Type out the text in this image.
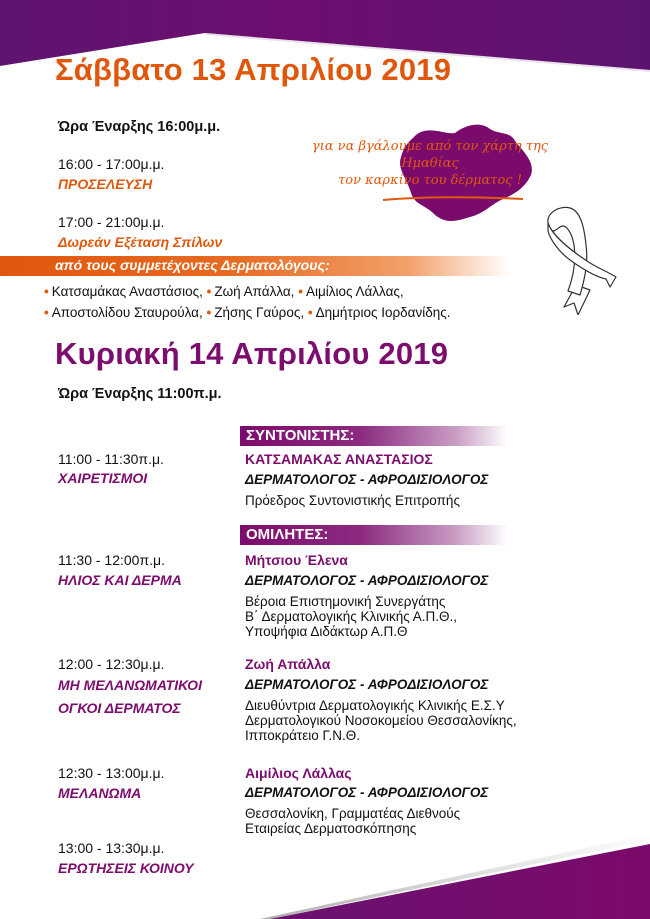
Σάββατο 13 Απριλίου 2019
Ώρα Έναρξης 16:00μ.μ.
16:00 - 17:00μ.μ.
ΠΡΟΣΕΛΕΥΣΗ
17:00 - 21:00μ.μ.
Δωρεάν Εξέταση Σπίλων
από τους συμμετέχοντες Δερματολόγους:
• Κατσαμάκας Αναστάσιος, • Ζωή Απάλλα, • Αιμίλιος Λάλλας,
• Αποστολίδου Σταυρούλα, • Ζήσης Γαύρος, • Δημήτριος Ιορδανίδης.
για να βγάλουμε από τον χάρτη της Ημαθίας
τον καρκίνο του δέρματος !
Κυριακή 14 Απριλίου 2019
Ώρα Έναρξης 11:00π.μ.
ΣΥΝΤΟΝΙΣΤΗΣ:
11:00 - 11:30π.μ.
ΧΑΙΡΕΤΙΣΜΟΙ
ΚΑΤΣΑΜΑΚΑΣ ΑΝΑΣΤΑΣΙΟΣ
ΔΕΡΜΑΤΟΛΟΓΟΣ - ΑΦΡΟΔΙΣΙΟΛΟΓΟΣ
Πρόεδρος Συντονιστικής Επιτροπής
ΟΜΙΛΗΤΕΣ:
11:30 - 12:00π.μ.
ΗΛΙΟΣ ΚΑΙ ΔΕΡΜΑ
Μήτσιου Έλενα
ΔΕΡΜΑΤΟΛΟΓΟΣ - ΑΦΡΟΔΙΣΙΟΛΟΓΟΣ
Βέροια Επιστημονική Συνεργάτης
Β΄ Δερματολογικής Κλινικής Α.Π.Θ.,
Υποψήφια Διδάκτωρ Α.Π.Θ
12:00 - 12:30μ.μ.
ΜΗ ΜΕΛΑΝΩΜΑΤΙΚΟΙ
ΟΓΚΟΙ ΔΕΡΜΑΤΟΣ
Ζωή Απάλλα
ΔΕΡΜΑΤΟΛΟΓΟΣ - ΑΦΡΟΔΙΣΙΟΛΟΓΟΣ
Διευθύντρια Δερματολογικής Κλινικής Ε.Σ.Υ
Δερματολογικού Νοσοκομείου Θεσσαλονίκης,
Ιπποκράτειο Γ.Ν.Θ.
12:30 - 13:00μ.μ.
ΜΕΛΑΝΩΜΑ
Αιμίλιος Λάλλας
ΔΕΡΜΑΤΟΛΟΓΟΣ - ΑΦΡΟΔΙΣΙΟΛΟΓΟΣ
Θεσσαλονίκη, Γραμματέας Διεθνούς
Εταιρείας Δερματοσκόπησης
13:00 - 13:30μ.μ.
ΕΡΩΤΗΣΕΙΣ ΚΟΙΝΟΥ
